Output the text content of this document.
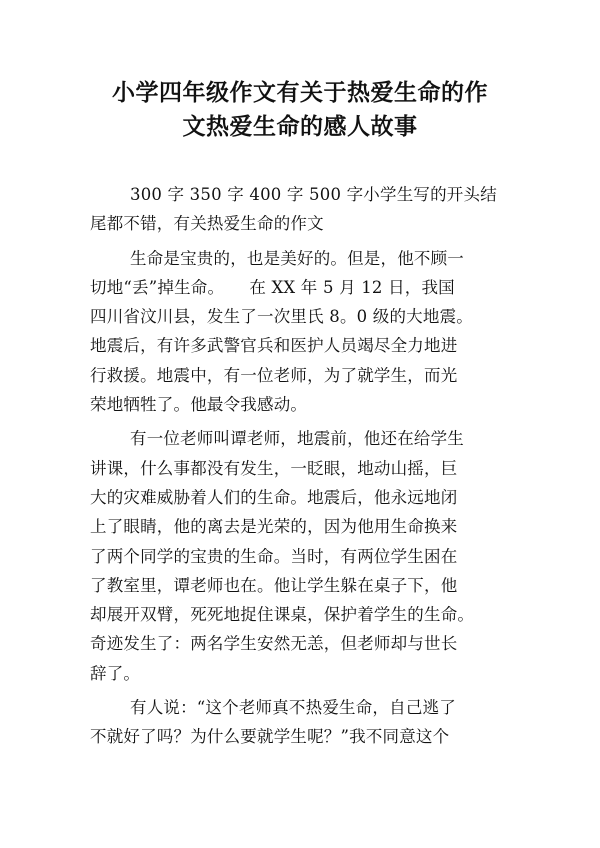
小学四年级作文有关于热爱生命的作
文热爱生命的感人故事
300 字 350 字 400 字 500 字小学生写的开头结
尾都不错，有关热爱生命的作文
生命是宝贵的，也是美好的。但是，他不顾一
切地“丢”掉生命。　　在 XX 年 5 月 12 日，我国
四川省汶川县，发生了一次里氏 8。0 级的大地震。
地震后，有许多武警官兵和医护人员竭尽全力地进
行救援。地震中，有一位老师，为了就学生，而光
荣地牺牲了。他最令我感动。
有一位老师叫谭老师，地震前，他还在给学生
讲课，什么事都没有发生，一眨眼，地动山摇，巨
大的灾难威胁着人们的生命。地震后，他永远地闭
上了眼睛，他的离去是光荣的，因为他用生命换来
了两个同学的宝贵的生命。当时，有两位学生困在
了教室里，谭老师也在。他让学生躲在桌子下，他
却展开双臂，死死地捉住课桌，保护着学生的生命。
奇迹发生了：两名学生安然无恙，但老师却与世长
辞了。
有人说：“这个老师真不热爱生命，自己逃了
不就好了吗？为什么要就学生呢？”我不同意这个
